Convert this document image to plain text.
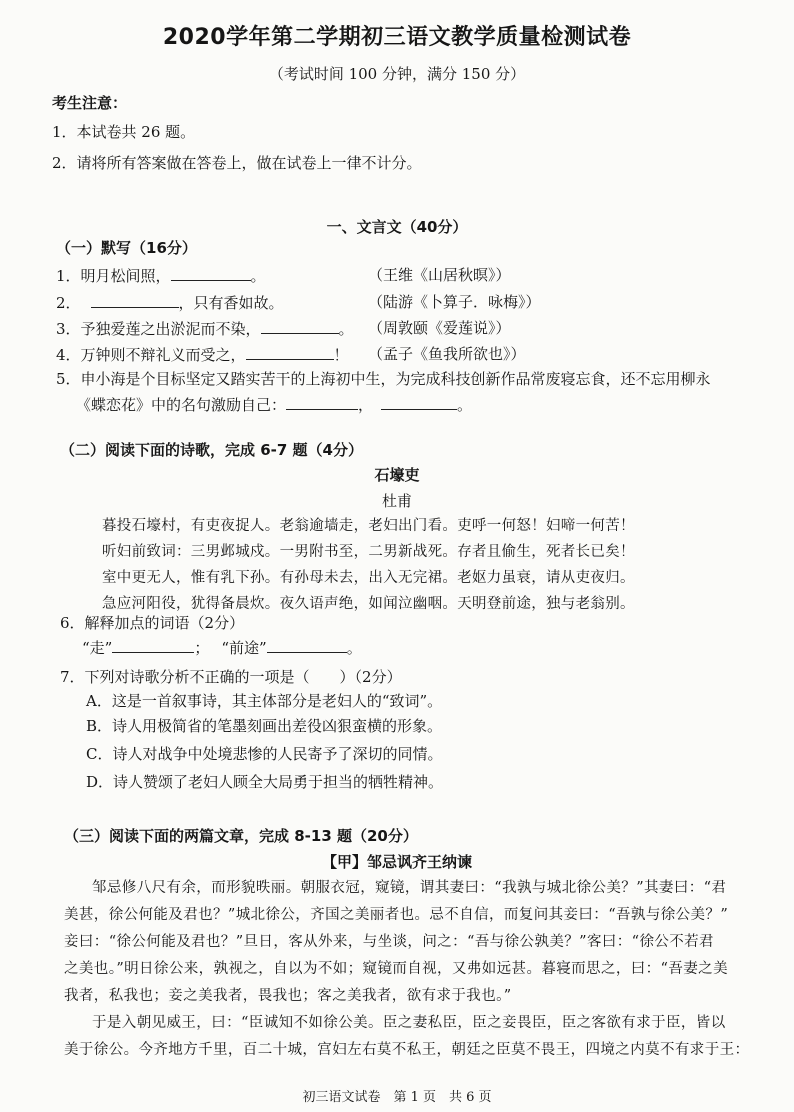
2020学年第二学期初三语文教学质量检测试卷
（考试时间 100 分钟，满分 150 分）
考生注意：
1．本试卷共 26 题。
2．请将所有答案做在答卷上，做在试卷上一律不计分。
一、文言文（40分）
（一）默写（16分）
1．明月松间照，	。	（王维《山居秋暝》）
2．	，只有香如故。	（陆游《卜算子．咏梅》）
3．予独爱莲之出淤泥而不染，	。 （周敦颐《爱莲说》）
4．万钟则不辩礼义而受之，	！ （孟子《鱼我所欲也》）
5．申小海是个目标坚定又踏实苦干的上海初中生，为完成科技创新作品常废寝忘食，还不忘用柳永
《蝶恋花》中的名句激励自己：	，	。
（二）阅读下面的诗歌，完成 6-7 题（4分）
石壕吏
杜甫
暮投石壕村，有吏夜捉人。老翁逾墙走，老妇出门看。吏呼一何怒！妇啼一何苦！
听妇前致词：三男邺城戍。一男附书至，二男新战死。存者且偷生，死者长已矣！
室中更无人，惟有乳下孙。有孙母未去，出入无完裙。老妪力虽衰，请从吏夜归。
急应河阳役，犹得备晨炊。夜久语声绝，如闻泣幽咽。天明登前途，独与老翁别。
6．解释加点的词语（2分）
“走”	； “前途”	。
7．下列对诗歌分析不正确的一项是（　　）（2分）
A．这是一首叙事诗，其主体部分是老妇人的“致词”。
B．诗人用极简省的笔墨刻画出差役凶狠蛮横的形象。
C．诗人对战争中处境悲惨的人民寄予了深切的同情。
D．诗人赞颂了老妇人顾全大局勇于担当的牺牲精神。
（三）阅读下面的两篇文章，完成 8-13 题（20分）
【甲】邹忌讽齐王纳谏
邹忌修八尺有余，而形貌昳丽。朝服衣冠，窥镜，谓其妻曰：“我孰与城北徐公美？”其妻曰：“君
美甚，徐公何能及君也？”城北徐公，齐国之美丽者也。忌不自信，而复问其妾曰：“吾孰与徐公美？”
妾曰：“徐公何能及君也？”旦日，客从外来，与坐谈，问之：“吾与徐公孰美？”客曰：“徐公不若君
之美也。”明日徐公来，孰视之，自以为不如；窥镜而自视，又弗如远甚。暮寝而思之，曰：“吾妻之美
我者，私我也；妾之美我者，畏我也；客之美我者，欲有求于我也。”
于是入朝见威王，曰：“臣诚知不如徐公美。臣之妻私臣，臣之妾畏臣，臣之客欲有求于臣，皆以
美于徐公。今齐地方千里，百二十城，宫妇左右莫不私王，朝廷之臣莫不畏王，四境之内莫不有求于王：
初三语文试卷　第 1 页　共 6 页
